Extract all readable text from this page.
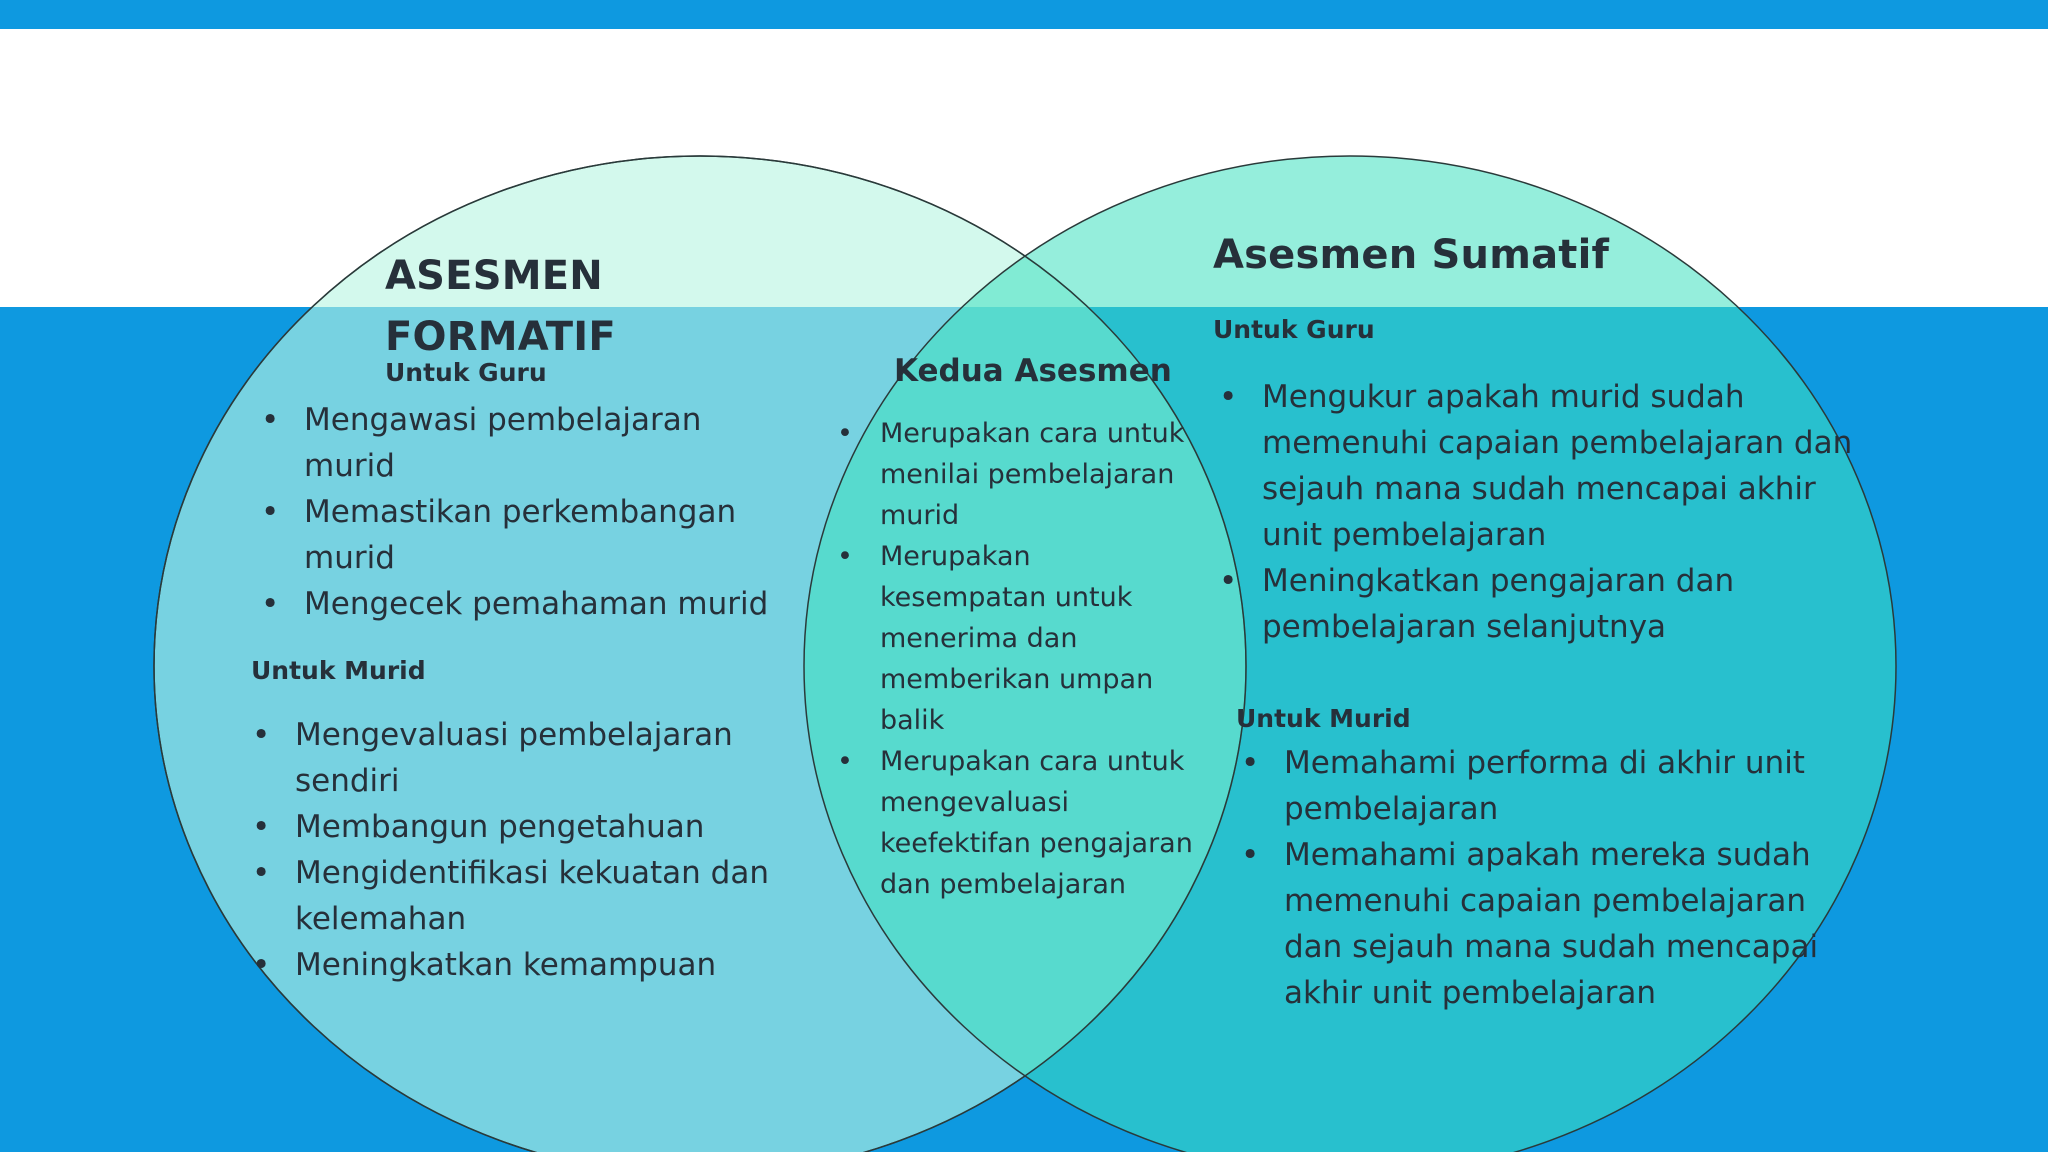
ASESMEN FORMATIF
Untuk Guru
• Mengawasi pembelajaran murid
• Memastikan perkembangan murid
• Mengecek pemahaman murid
Untuk Murid
• Mengevaluasi pembelajaran sendiri
• Membangun pengetahuan
• Mengidentifikasi kekuatan dan kelemahan
• Meningkatkan kemampuan
Kedua Asesmen
• Merupakan cara untuk menilai pembelajaran murid
• Merupakan kesempatan untuk menerima dan memberikan umpan balik
• Merupakan cara untuk mengevaluasi keefektifan pengajaran dan pembelajaran
Asesmen Sumatif
Untuk Guru
• Mengukur apakah murid sudah memenuhi capaian pembelajaran dan sejauh mana sudah mencapai akhir unit pembelajaran
• Meningkatkan pengajaran dan pembelajaran selanjutnya
Untuk Murid
• Memahami performa di akhir unit pembelajaran
• Memahami apakah mereka sudah memenuhi capaian pembelajaran dan sejauh mana sudah mencapai akhir unit pembelajaran
